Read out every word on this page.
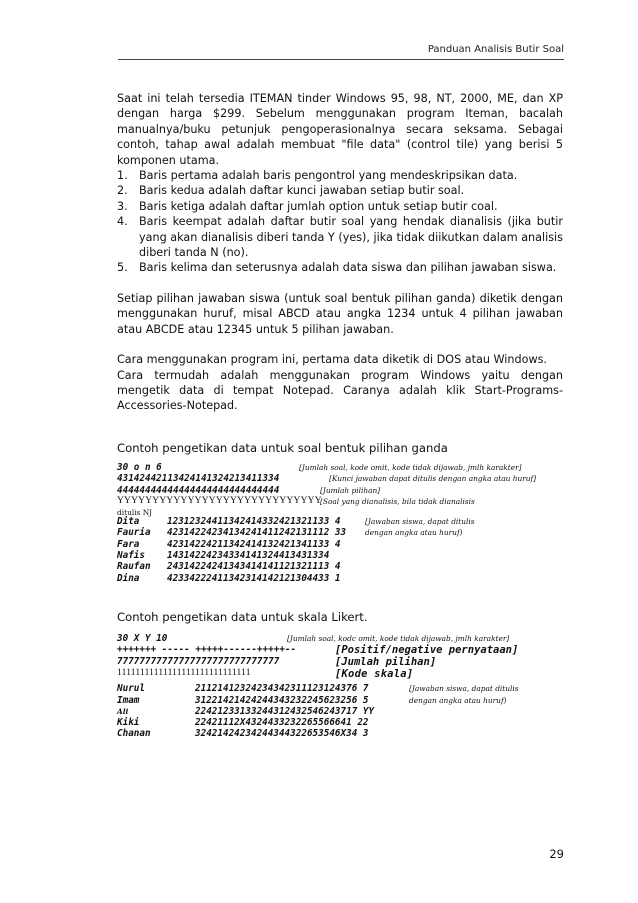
Panduan Analisis Butir Soal

Saat ini telah tersedia ITEMAN tinder Windows 95, 98, NT, 2000, ME, dan XP dengan harga $299. Sebelum menggunakan program Iteman, bacalah manualnya/buku petunjuk pengoperasionalnya secara seksama. Sebagai contoh, tahap awal adalah membuat "file data" (control tile) yang berisi 5 komponen utama.

1.	Baris pertama adalah baris pengontrol yang mendeskripsikan data.
2.	Baris kedua adalah daftar kunci jawaban setiap butir soal.
3.	Baris ketiga adalah daftar jumlah option untuk setiap butir coal.
4.	Baris keempat adalah daftar butir soal yang hendak dianalisis (jika butir yang akan dianalisis diberi tanda Y (yes), jika tidak diikutkan dalam analisis diberi tanda N (no).
5.	Baris kelima dan seterusnya adalah data siswa dan pilihan jawaban siswa.

Setiap pilihan jawaban siswa (untuk soal bentuk pilihan ganda) diketik dengan menggunakan huruf, misal ABCD atau angka 1234 untuk 4 pilihan jawaban atau ABCDE atau 12345 untuk 5 pilihan jawaban.

Cara menggunakan program ini, pertama data diketik di DOS atau Windows.

Cara termudah adalah menggunakan program Windows yaitu dengan mengetik data di tempat Notepad. Caranya adalah klik Start-Programs-Accessories-Notepad.

Contoh pengetikan data untuk soal bentuk pilihan ganda
30 o n 6	[Jumlah soal, kode omit, kode tidak dijawab, jmlh karakter]
43142442113424141324213411334	[Kunci jawaban dapat ditulis dengan angka atau huruf]
44444444444444444444444444444	[Jumlah pilihan]
YYYYYYYYYYYYYYYYYYYYYYYYYYYYY
[Soal yang dianalisis, bila tidak dianalisis
ditulis NJ
Dita	12312324411342414332421321133 4	[Jawaban siswa, dapat ditulis
Fauria 42314224234134241411242131112 33	dengan angka atau huruf)
Fara	42314224211342414132421341133 4
Nafis 14314224234334141324413431334
Raufan 24314224241343414141121321113 4
Dina	42334222411342314142121304433 1
Contoh pengetikan data untuk skala Likert.
30 X Y 10	[Jumlah soal, kodc omit, kode tidak dijawab, jmlh karakter]
+++++++ ----- +++++------+++++--	[Positif/negative pernyataan]
77777777777777777777777777777	[Jumlah pilihan]
11111111111111111111111111111	[Kode skala]
Nurul	21121412324234342311123124376 7	[Jawaban siswa, dapat ditulis
Imam	31221421424244343232245623256 5	dengan angka atau huruf)
Ali	22421233133244312432546243717 YY
Kiki	22421112X4324433232265566641 22
Chanan	32421424234244344322653546X34 3
29
